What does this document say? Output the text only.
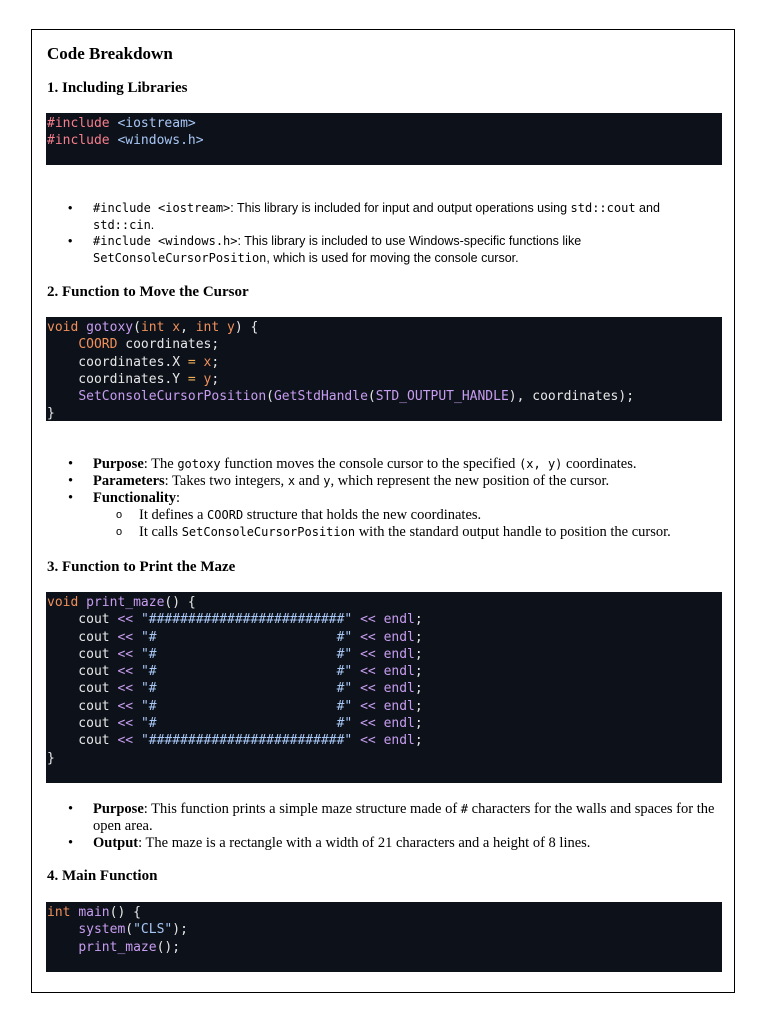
Code Breakdown
1. Including Libraries
#include <iostream>
#include <windows.h>
• #include <iostream>: This library is included for input and output operations using std::cout and std::cin.
• #include <windows.h>: This library is included to use Windows-specific functions like SetConsoleCursorPosition, which is used for moving the console cursor.
2. Function to Move the Cursor
void gotoxy(int x, int y) {
COORD coordinates;
coordinates.X = x;
coordinates.Y = y;
SetConsoleCursorPosition(GetStdHandle(STD_OUTPUT_HANDLE), coordinates);
}
• Purpose: The gotoxy function moves the console cursor to the specified (x, y) coordinates.
• Parameters: Takes two integers, x and y, which represent the new position of the cursor.
• Functionality:
o It defines a COORD structure that holds the new coordinates.
o It calls SetConsoleCursorPosition with the standard output handle to position the cursor.
3. Function to Print the Maze
void print_maze() {
cout << "#########################" << endl;
cout << "#                       #" << endl;
cout << "#                       #" << endl;
cout << "#                       #" << endl;
cout << "#                       #" << endl;
cout << "#                       #" << endl;
cout << "#                       #" << endl;
cout << "#########################" << endl;
}
• Purpose: This function prints a simple maze structure made of # characters for the walls and spaces for the open area.
• Output: The maze is a rectangle with a width of 21 characters and a height of 8 lines.
4. Main Function
int main() {
system("CLS");
print_maze();
